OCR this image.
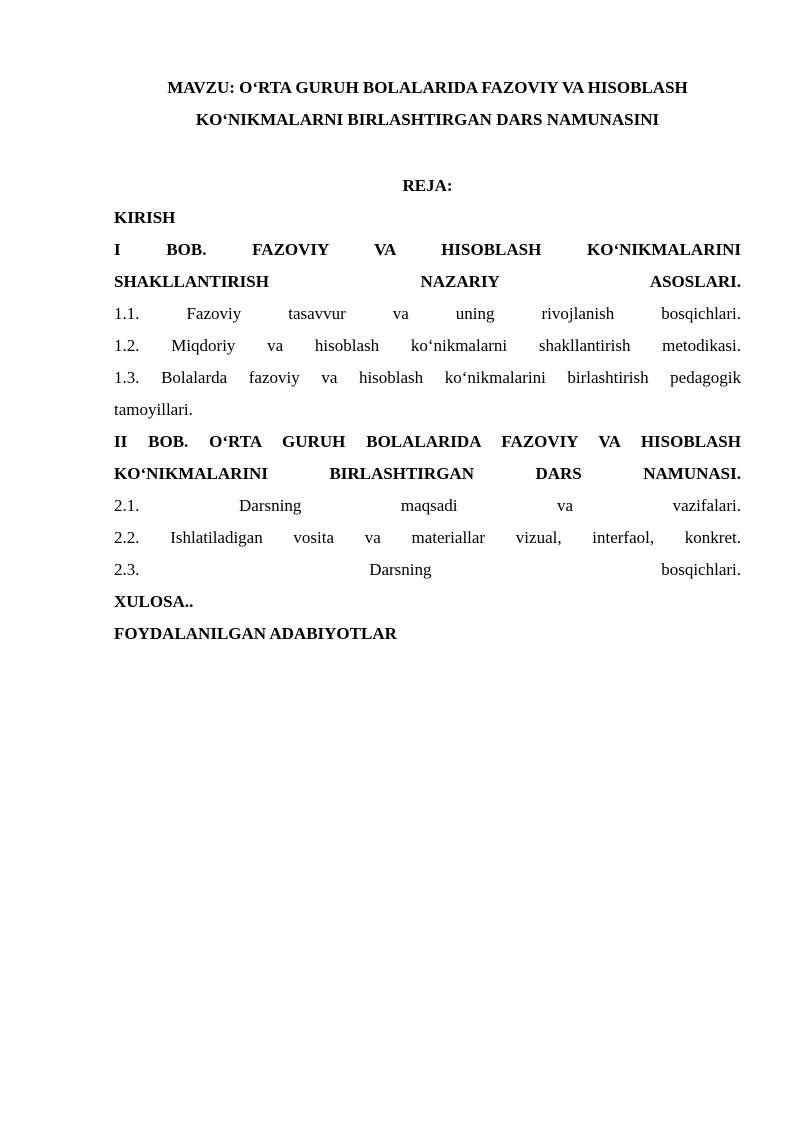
MAVZU: O‘RTA GURUH BOLALARIDA FAZOVIY VA HISOBLASH

KO‘NIKMALARNI BIRLASHTIRGAN DARS NAMUNASINI

REJA:

KIRISH

I BOB. FAZOVIY VA HISOBLASH KO‘NIKMALARINI

SHAKLLANTIRISH NAZARIY ASOSLARI.

1.1. Fazoviy tasavvur va uning rivojlanish bosqichlari.

1.2. Miqdoriy va hisoblash ko‘nikmalarni shakllantirish metodikasi.

1.3. Bolalarda fazoviy va hisoblash ko‘nikmalarini birlashtirish pedagogik

tamoyillari.

II BOB. O‘RTA GURUH BOLALARIDA FAZOVIY VA HISOBLASH

KO‘NIKMALARINI BIRLASHTIRGAN DARS NAMUNASI.

2.1. Darsning maqsadi va vazifalari.

2.2. Ishlatiladigan vosita va materiallar vizual, interfaol, konkret.

2.3. Darsning bosqichlari.

XULOSA..

FOYDALANILGAN ADABIYOTLAR
